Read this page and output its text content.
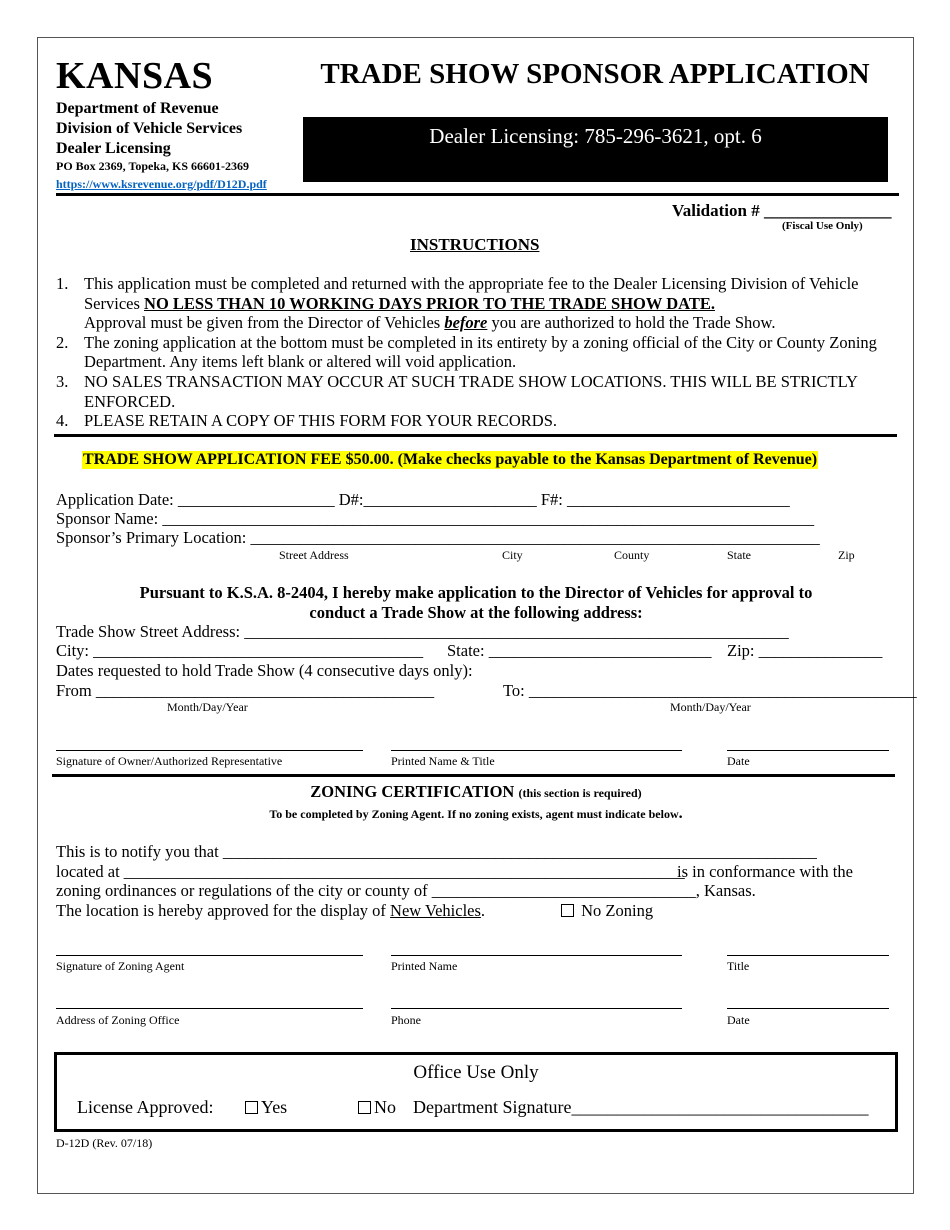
KANSAS
Department of Revenue
Division of Vehicle Services
Dealer Licensing
PO Box 2369, Topeka, KS 66601-2369
https://www.ksrevenue.org/pdf/D12D.pdf
TRADE SHOW SPONSOR APPLICATION
Dealer Licensing: 785-296-3621, opt. 6
Validation # _______________
(Fiscal Use Only)
INSTRUCTIONS
1. This application must be completed and returned with the appropriate fee to the Dealer Licensing Division of Vehicle
Services NO LESS THAN 10 WORKING DAYS PRIOR TO THE TRADE SHOW DATE.
Approval must be given from the Director of Vehicles before you are authorized to hold the Trade Show.
2. The zoning application at the bottom must be completed in its entirety by a zoning official of the City or County Zoning Department. Any items left blank or altered will void application.
3. NO SALES TRANSACTION MAY OCCUR AT SUCH TRADE SHOW LOCATIONS. THIS WILL BE STRICTLY ENFORCED.
4. PLEASE RETAIN A COPY OF THIS FORM FOR YOUR RECORDS.
TRADE SHOW APPLICATION FEE $50.00. (Make checks payable to the Kansas Department of Revenue)
Application Date: ___________________ D#:_____________________ F#: ___________________________
Sponsor Name: _______________________________________________________________________________
Sponsor’s Primary Location: _____________________________________________________________________
Street Address	City	County	State	Zip
Pursuant to K.S.A. 8-2404, I hereby make application to the Director of Vehicles for approval to
conduct a Trade Show at the following address:
Trade Show Street Address: __________________________________________________________________
City: ________________________________________ State: ___________________________ Zip: _______________
Dates requested to hold Trade Show (4 consecutive days only):
From _________________________________________	To: _______________________________________________
Month/Day/Year	Month/Day/Year
Signature of Owner/Authorized Representative	Printed Name & Title	Date
ZONING CERTIFICATION (this section is required)
To be completed by Zoning Agent. If no zoning exists, agent must indicate below.
This is to notify you that ________________________________________________________________________
located at ____________________________________________________________________
is in conformance with the
zoning ordinances or regulations of the city or county of ________________________________, Kansas.
The location is hereby approved for the display of New Vehicles.	No Zoning
Signature of Zoning Agent	Printed Name	Title
Address of Zoning Office	Phone	Date
Office Use Only
License Approved:	Yes	No Department Signature_________________________________
D-12D (Rev. 07/18)
